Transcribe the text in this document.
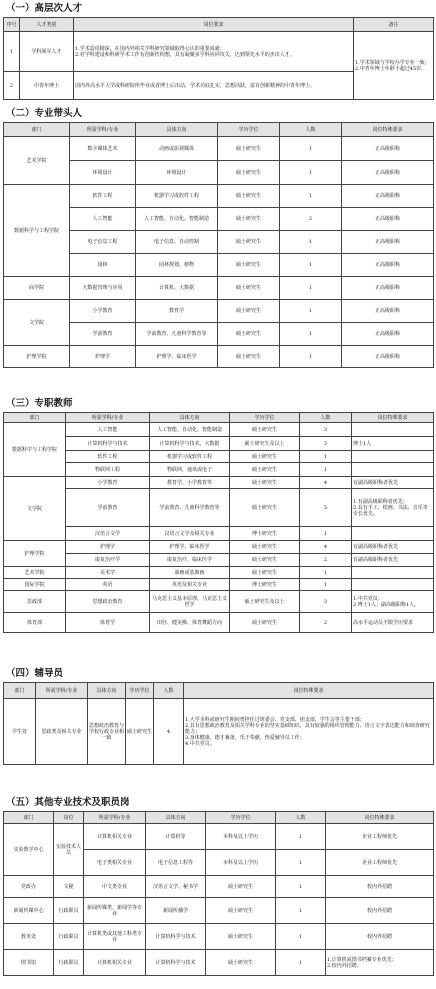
（一）高层次人才
序号	人才类别	岗位要求	备注
1	学科领军人才	1.学术造诣精深，在国内外相关学科研究领域取得公认的重要成就；
2.对学科建设和科研学术工作有创新性构想，具有凝聚多学科协同攻关，达到领先水平的杰出人才。	1.学术领域与学校办学专业一致；
2.中青年博士年龄不超过45岁。
2	中青年博士	国内外高水平大学或科研院所毕业或者博士后出站，学术功底扎实，思想活跃，富有创新精神的中青年博士。	
（二）专业带头人
部门	所需学科/专业	具体方向	学历学位	人数	岗位特殊要求
艺术学院	数字媒体艺术	动画或影视媒体	硕士研究生	1	正高级职称
	环境设计	环境设计	硕士研究生	1	正高级职称
数据科学与工程学院	软件工程	机器学习或软件工程	硕士研究生	1	正高级职称
	人工智能	人工智能、自动化、智能制造	硕士研究生	2	正高级职称
	电子信息工程	电子信息、自动控制	硕士研究生	1	正高级职称
	园林	园林规划、植物	硕士研究生	1	正高级职称
商学院	大数据管理与应用	计算机、大数据	硕士研究生	1	正高级职称
文学院	小学教育	教育学	硕士研究生	1	正高级职称
	学前教育	学前教育、儿童科学教育等	硕士研究生	1	正高级职称
护理学院	护理学	护理学、临床医学	硕士研究生	1	正高级职称
（三）专职教师
部门	所需学科/专业	具体方向	学历学位	人数	岗位特殊要求
数据科学与工程学院	人工智能	人工智能、自动化、智能制造	硕士研究生	3	
	计算机科学与技术	计算机科学与技术、大数据	硕士研究生及以上	3	博士1人
	软件工程	机器学习或软件工程	硕士研究生	1	
	物联网工程	物联网、通讯或电子	硕士研究生	1	
文学院	小学教育	教育学、小学教育等	硕士研究生	4	有副高级职称者优先
	学前教育	学前教育、儿童科学教育等	硕士研究生	5	1.有副高级职称者优先；
2.具有手工、绘画、书法、音乐等专长优先。
	汉语言文学	汉语言文学及相关专业	博士研究生	1	
护理学院	护理学	护理学、临床医学	硕士研究生	4	有副高级职称者优先
	康复治疗学	康复治疗、临床医学	硕士研究生	2	有副高级职称者优先
艺术学院	美术学	油画或装饰画	硕士研究生	1	
国际学院	英语	英语及相关专业	博士研究生	1	
思政部	思想政治教育	马克思主义基本原理、马克思主义哲学	硕士研究生及以上	3	1.中共党员；
2.博士1人；副高级职称1人。
体育部	体育学	田径、健美操、体育舞蹈方向	硕士研究生	2	高水平运动员不限学历要求
（四）辅导员
部门	所需学科/专业	具体方向	学历学位	人数	岗位特殊要求
学生处	思政类及相关专业	思想政治教育与学校行政专业相一致	硕士研究生	4	1.大学本科或研究生期间曾担任过班委会、党支部、团支部、学生会等主要干部；
2.具有思想政治教育及相关学科专业的坚实基础知识，具有较强的组织管理能力、语言文字表达能力和调查研究能力；
3.身体健康，德才兼备，乐于奉献，热爱辅导员工作；
4.中共党员。
（五）其他专业技术及职员岗
部门	岗位	所需学科/专业	具体方向	学历学位	人数	岗位特殊要求
实验教学中心	实验技术人员	计算机相关专业	计算机等	本科及以上学历	1	企业工程师优先
		电子类相关专业	电子信息工程等	本科及以上学历	1	企业工程师优先
党政办	文秘	中文类专业	汉语言文学、秘书学	硕士研究生	1	校内外招聘
新闻传媒中心	行政职员	新闻传媒类、新闻学等专业	新闻传播学	硕士研究生	1	校内外招聘
教务处	行政职员	计算机类或其他工科类专业	计算机科学与技术	硕士研究生	1	校内外招聘
图书馆	行政职员	计算机相关专业	计算机科学与技术	硕士研究生	1	1.计算机或图书档案专业优先；
2.校内外招聘。
